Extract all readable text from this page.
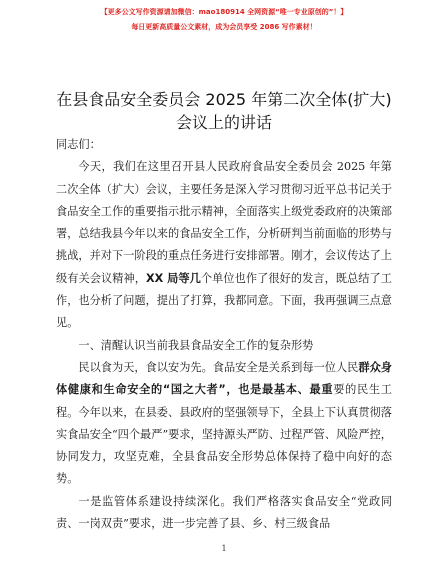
【更多公文写作资源请加微信：mao180914 全网资源“唯一专业原创的”！】
每日更新高质量公文素材，成为会员享受 2086 写作素材！
在县食品安全委员会 2025 年第二次全体(扩大)
会议上的讲话

同志们：

今天，我们在这里召开县人民政府食品安全委员会 2025 年第二次全体（扩大）会议，主要任务是深入学习贯彻习近平总书记关于食品安全工作的重要指示批示精神，全面落实上级党委政府的决策部署，总结我县今年以来的食品安全工作，分析研判当前面临的形势与挑战，并对下一阶段的重点任务进行安排部署。刚才，会议传达了上级有关会议精神，XX 局等几个单位也作了很好的发言，既总结了工作，也分析了问题，提出了打算，我都同意。下面，我再强调三点意见。

一、清醒认识当前我县食品安全工作的复杂形势

民以食为天，食以安为先。食品安全是关系到每一位人民群众身体健康和生命安全的“国之大者”，也是最基本、最重要的民生工程。今年以来，在县委、县政府的坚强领导下，全县上下认真贯彻落实食品安全“四个最严”要求，坚持源头严防、过程严管、风险严控，协同发力，攻坚克难，全县食品安全形势总体保持了稳中向好的态势。

一是监管体系建设持续深化。我们严格落实食品安全“党政同责、一岗双责”要求，进一步完善了县、乡、村三级食品

1
